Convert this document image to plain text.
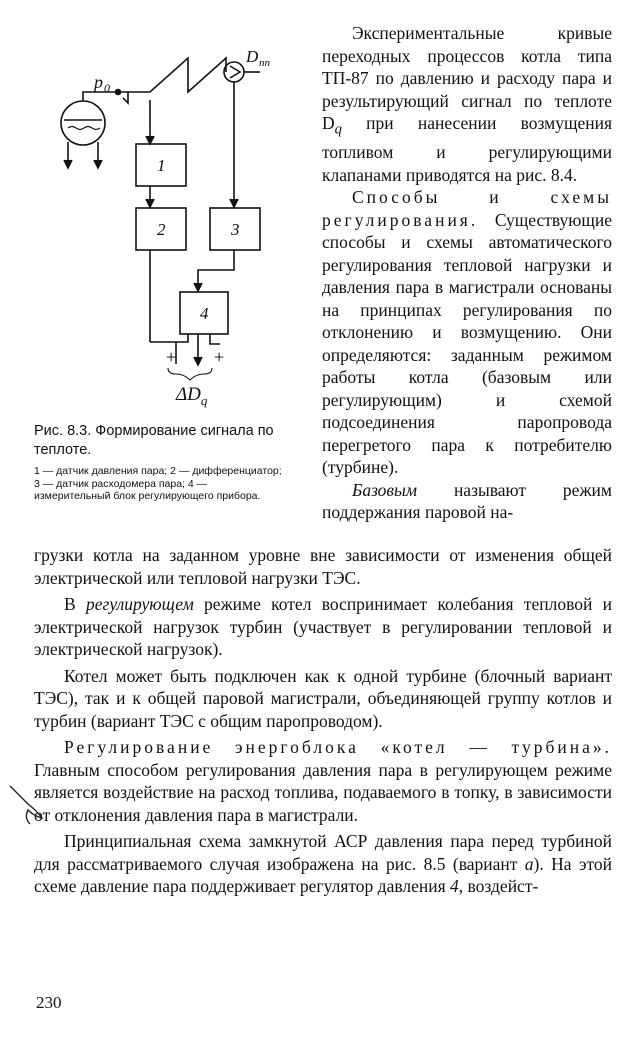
p 0
D пп
1
2	3
4
+ +
$\Delta D_q$

Рис. 8.3. Формирование сигнала по теплоте.

1 — датчик давления пара; 2 — дифференциатор; 3 — датчик расходомера пара; 4 — измерительный блок регулирующего прибора.

Экспериментальные кривые переходных процессов котла типа ТП-87 по давлению и расходу пара и результирующий сигнал по теплоте $D_q$ при нанесении возмущения топливом и регулирующими клапанами приводятся на рис. 8.4.

Способы и схемы регулирования. Существующие способы и схемы автоматического регулирования тепловой нагрузки и давления пара в магистрали основаны на принципах регулирования по отклонению и возмущению. Они определяются: заданным режимом работы котла (базовым или регулирующим) и схемой подсоединения паропровода перегретого пара к потребителю (турбине).

Базовым называют режим поддержания паровой на-

грузки котла на заданном уровне вне зависимости от изменения общей электрической или тепловой нагрузки ТЭС.

В регулирующем режиме котел воспринимает колебания тепловой и электрической нагрузок турбин (участвует в регулировании тепловой и электрической нагрузок).

Котел может быть подключен как к одной турбине (блочный вариант ТЭС), так и к общей паровой магистрали, объединяющей группу котлов и турбин (вариант ТЭС с общим паропроводом).

Регулирование энергоблока «котел — турбина». Главным способом регулирования давления пара в регулирующем режиме является воздействие на расход топлива, подаваемого в топку, в зависимости от отклонения давления пара в магистрали.

Принципиальная схема замкнутой АСР давления пара перед турбиной для рассматриваемого случая изображена на рис. 8.5 (вариант а). На этой схеме давление пара поддерживает регулятор давления 4, воздейст-

230
